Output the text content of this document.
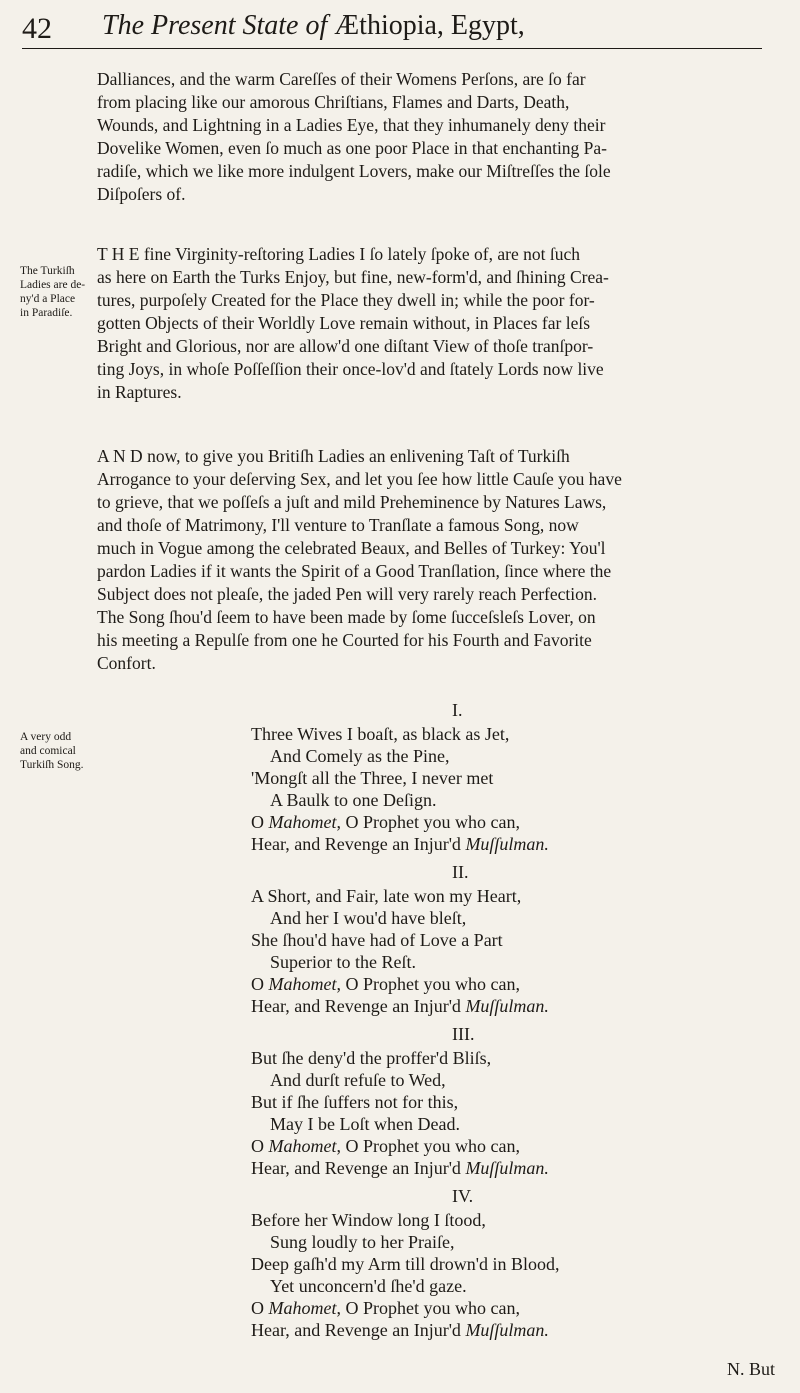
42 The Present State of Æthiopia, Egypt,

Dalliances, and the warm Careſſes of their Womens Perſons, are ſo far

from placing like our amorous Chriſtians, Flames and Darts, Death,

Wounds, and Lightning in a Ladies Eye, that they inhumanely deny their

Dovelike Women, even ſo much as one poor Place in that enchanting Pa-

radiſe, which we like more indulgent Lovers, make our Miſtreſſes the ſole

Diſpoſers of.

The Turkiſh
Ladies are de-
ny'd a Place
in Paradiſe.

T H E fine Virginity-reſtoring Ladies I ſo lately ſpoke of, are not ſuch

as here on Earth the Turks Enjoy, but fine, new-form'd, and ſhining Crea-

tures, purpoſely Created for the Place they dwell in; while the poor for-

gotten Objects of their Worldly Love remain without, in Places far leſs

Bright and Glorious, nor are allow'd one diſtant View of thoſe tranſpor-

ting Joys, in whoſe Poſſeſſion their once-lov'd and ſtately Lords now live

in Raptures.

A N D now, to give you Britiſh Ladies an enlivening Taſt of Turkiſh

Arrogance to your deſerving Sex, and let you ſee how little Cauſe you have

to grieve, that we poſſeſs a juſt and mild Preheminence by Natures Laws,

and thoſe of Matrimony, I'll venture to Tranſlate a famous Song, now

much in Vogue among the celebrated Beaux, and Belles of Turkey: You'l

pardon Ladies if it wants the Spirit of a Good Tranſlation, ſince where the

Subject does not pleaſe, the jaded Pen will very rarely reach Perfection.

The Song ſhou'd ſeem to have been made by ſome ſucceſsleſs Lover, on

his meeting a Repulſe from one he Courted for his Fourth and Favorite

Confort.

A very odd
and comical
Turkiſh Song.
I.
Three Wives I boaſt, as black as Jet,
And Comely as the Pine,
'Mongſt all the Three, I never met
A Baulk to one Deſign.
O Mahomet, O Prophet you who can,
Hear, and Revenge an Injur'd Muſſulman.
II.
A Short, and Fair, late won my Heart,
And her I wou'd have bleſt,
She ſhou'd have had of Love a Part
Superior to the Reſt.
O Mahomet, O Prophet you who can,
Hear, and Revenge an Injur'd Muſſulman.
III.
But ſhe deny'd the proffer'd Bliſs,
And durſt refuſe to Wed,
But if ſhe ſuffers not for this,
May I be Loſt when Dead.
O Mahomet, O Prophet you who can,
Hear, and Revenge an Injur'd Muſſulman.
IV.
Before her Window long I ſtood,
Sung loudly to her Praiſe,
Deep gaſh'd my Arm till drown'd in Blood,
Yet unconcern'd ſhe'd gaze.
O Mahomet, O Prophet you who can,
Hear, and Revenge an Injur'd Muſſulman.
N. But
